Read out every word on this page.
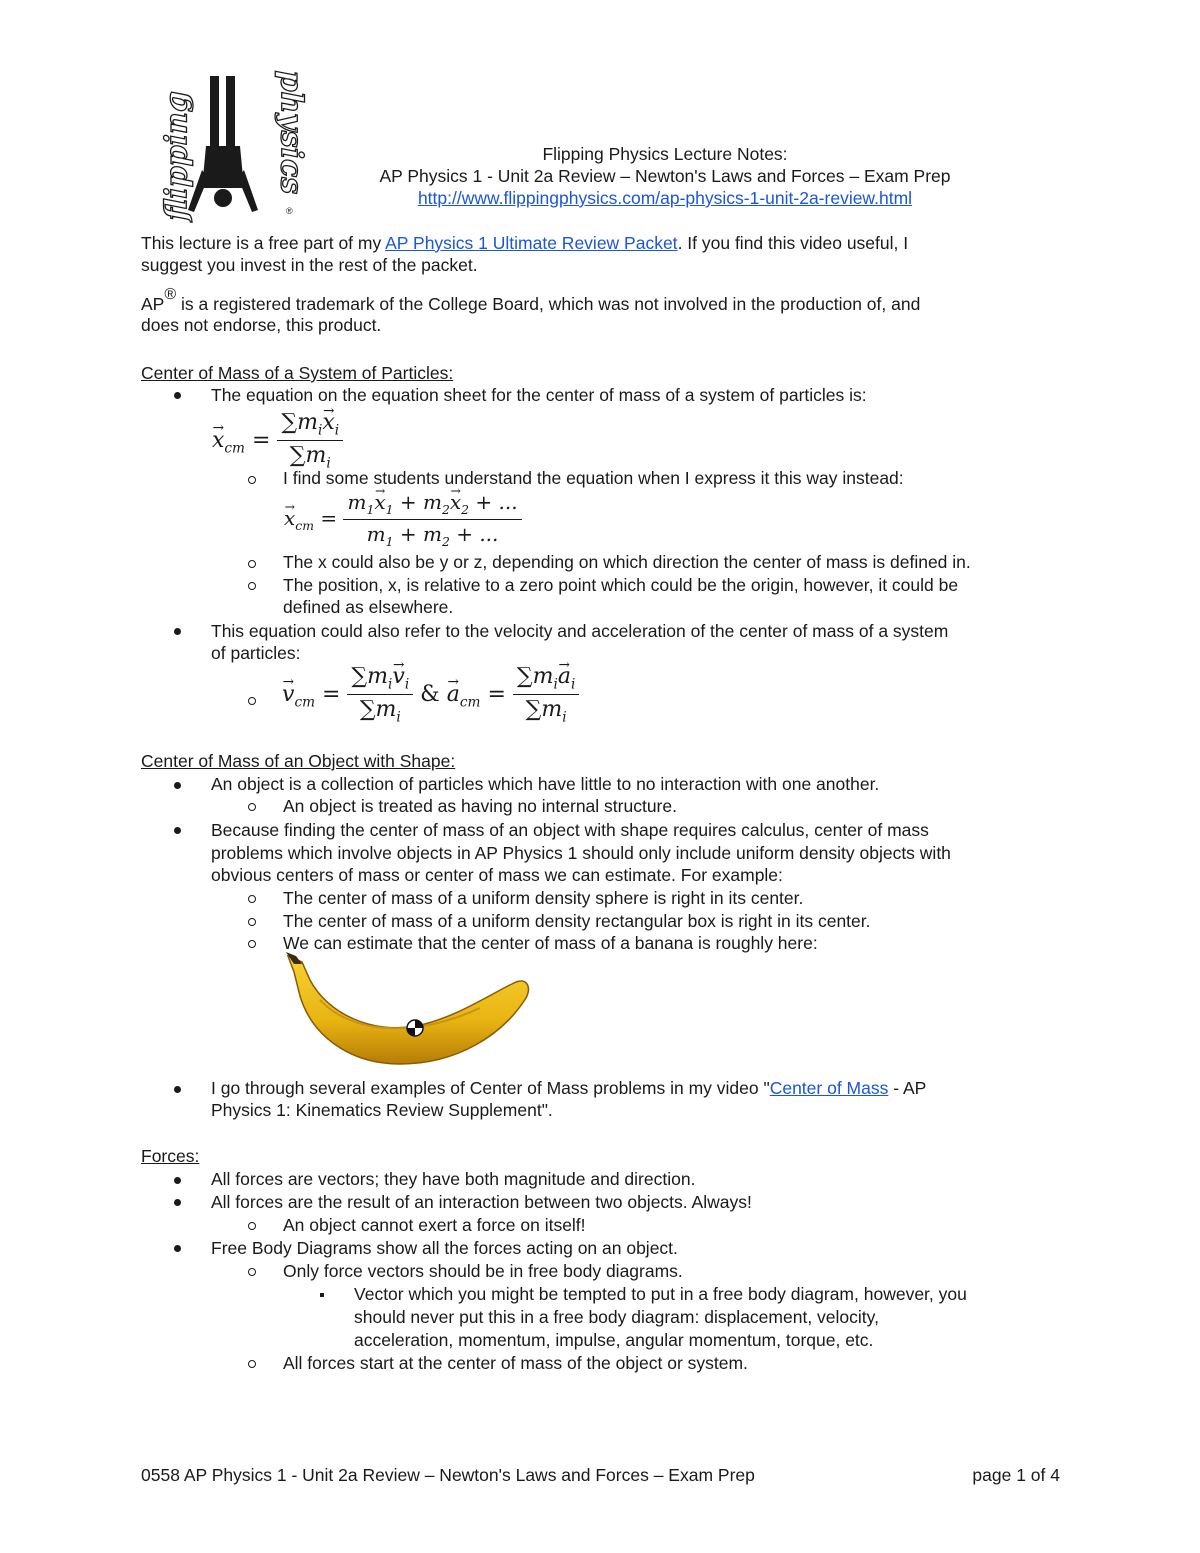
flipping	physics
®
Flipping Physics Lecture Notes:
AP Physics 1 - Unit 2a Review – Newton's Laws and Forces – Exam Prep
http://www.flippingphysics.com/ap-physics-1-unit-2a-review.html
This lecture is a free part of my AP Physics 1 Ultimate Review Packet. If you find this video useful, I
suggest you invest in the rest of the packet.
AP® is a registered trademark of the College Board, which was not involved in the production of, and
does not endorse, this product.
Center of Mass of a System of Particles:
The equation on the equation sheet for the center of mass of a system of particles is:
→ $x_{cm} = \frac{\sum m_i\to x_i}{\sum m_i}$
I find some students understand the equation when I express it this way instead:
→ $x_{cm} = \frac{m_1\to x_1 + m_2\to x_2 + ...}{m_1 + m_2 + ...}$
The x could also be y or z, depending on which direction the center of mass is defined in.
The position, x, is relative to a zero point which could be the origin, however, it could be
defined as elsewhere.
This equation could also refer to the velocity and acceleration of the center of mass of a system
of particles:
→ $v_{cm} = \frac{\sum m_i\to v_i}{\sum m_i}$ & → $a_{cm} = \frac{\sum m_i\to a_i}{\sum m_i}$
Center of Mass of an Object with Shape:
An object is a collection of particles which have little to no interaction with one another.
An object is treated as having no internal structure.
Because finding the center of mass of an object with shape requires calculus, center of mass
problems which involve objects in AP Physics 1 should only include uniform density objects with
obvious centers of mass or center of mass we can estimate. For example:
The center of mass of a uniform density sphere is right in its center.
The center of mass of a uniform density rectangular box is right in its center.
We can estimate that the center of mass of a banana is roughly here:
I go through several examples of Center of Mass problems in my video "Center of Mass - AP
Physics 1: Kinematics Review Supplement".
Forces:
All forces are vectors; they have both magnitude and direction.
All forces are the result of an interaction between two objects. Always!
An object cannot exert a force on itself!
Free Body Diagrams show all the forces acting on an object.
Only force vectors should be in free body diagrams.
Vector which you might be tempted to put in a free body diagram, however, you
should never put this in a free body diagram: displacement, velocity,
acceleration, momentum, impulse, angular momentum, torque, etc.
All forces start at the center of mass of the object or system.
0558 AP Physics 1 - Unit 2a Review – Newton's Laws and Forces – Exam Prep	page 1 of 4
